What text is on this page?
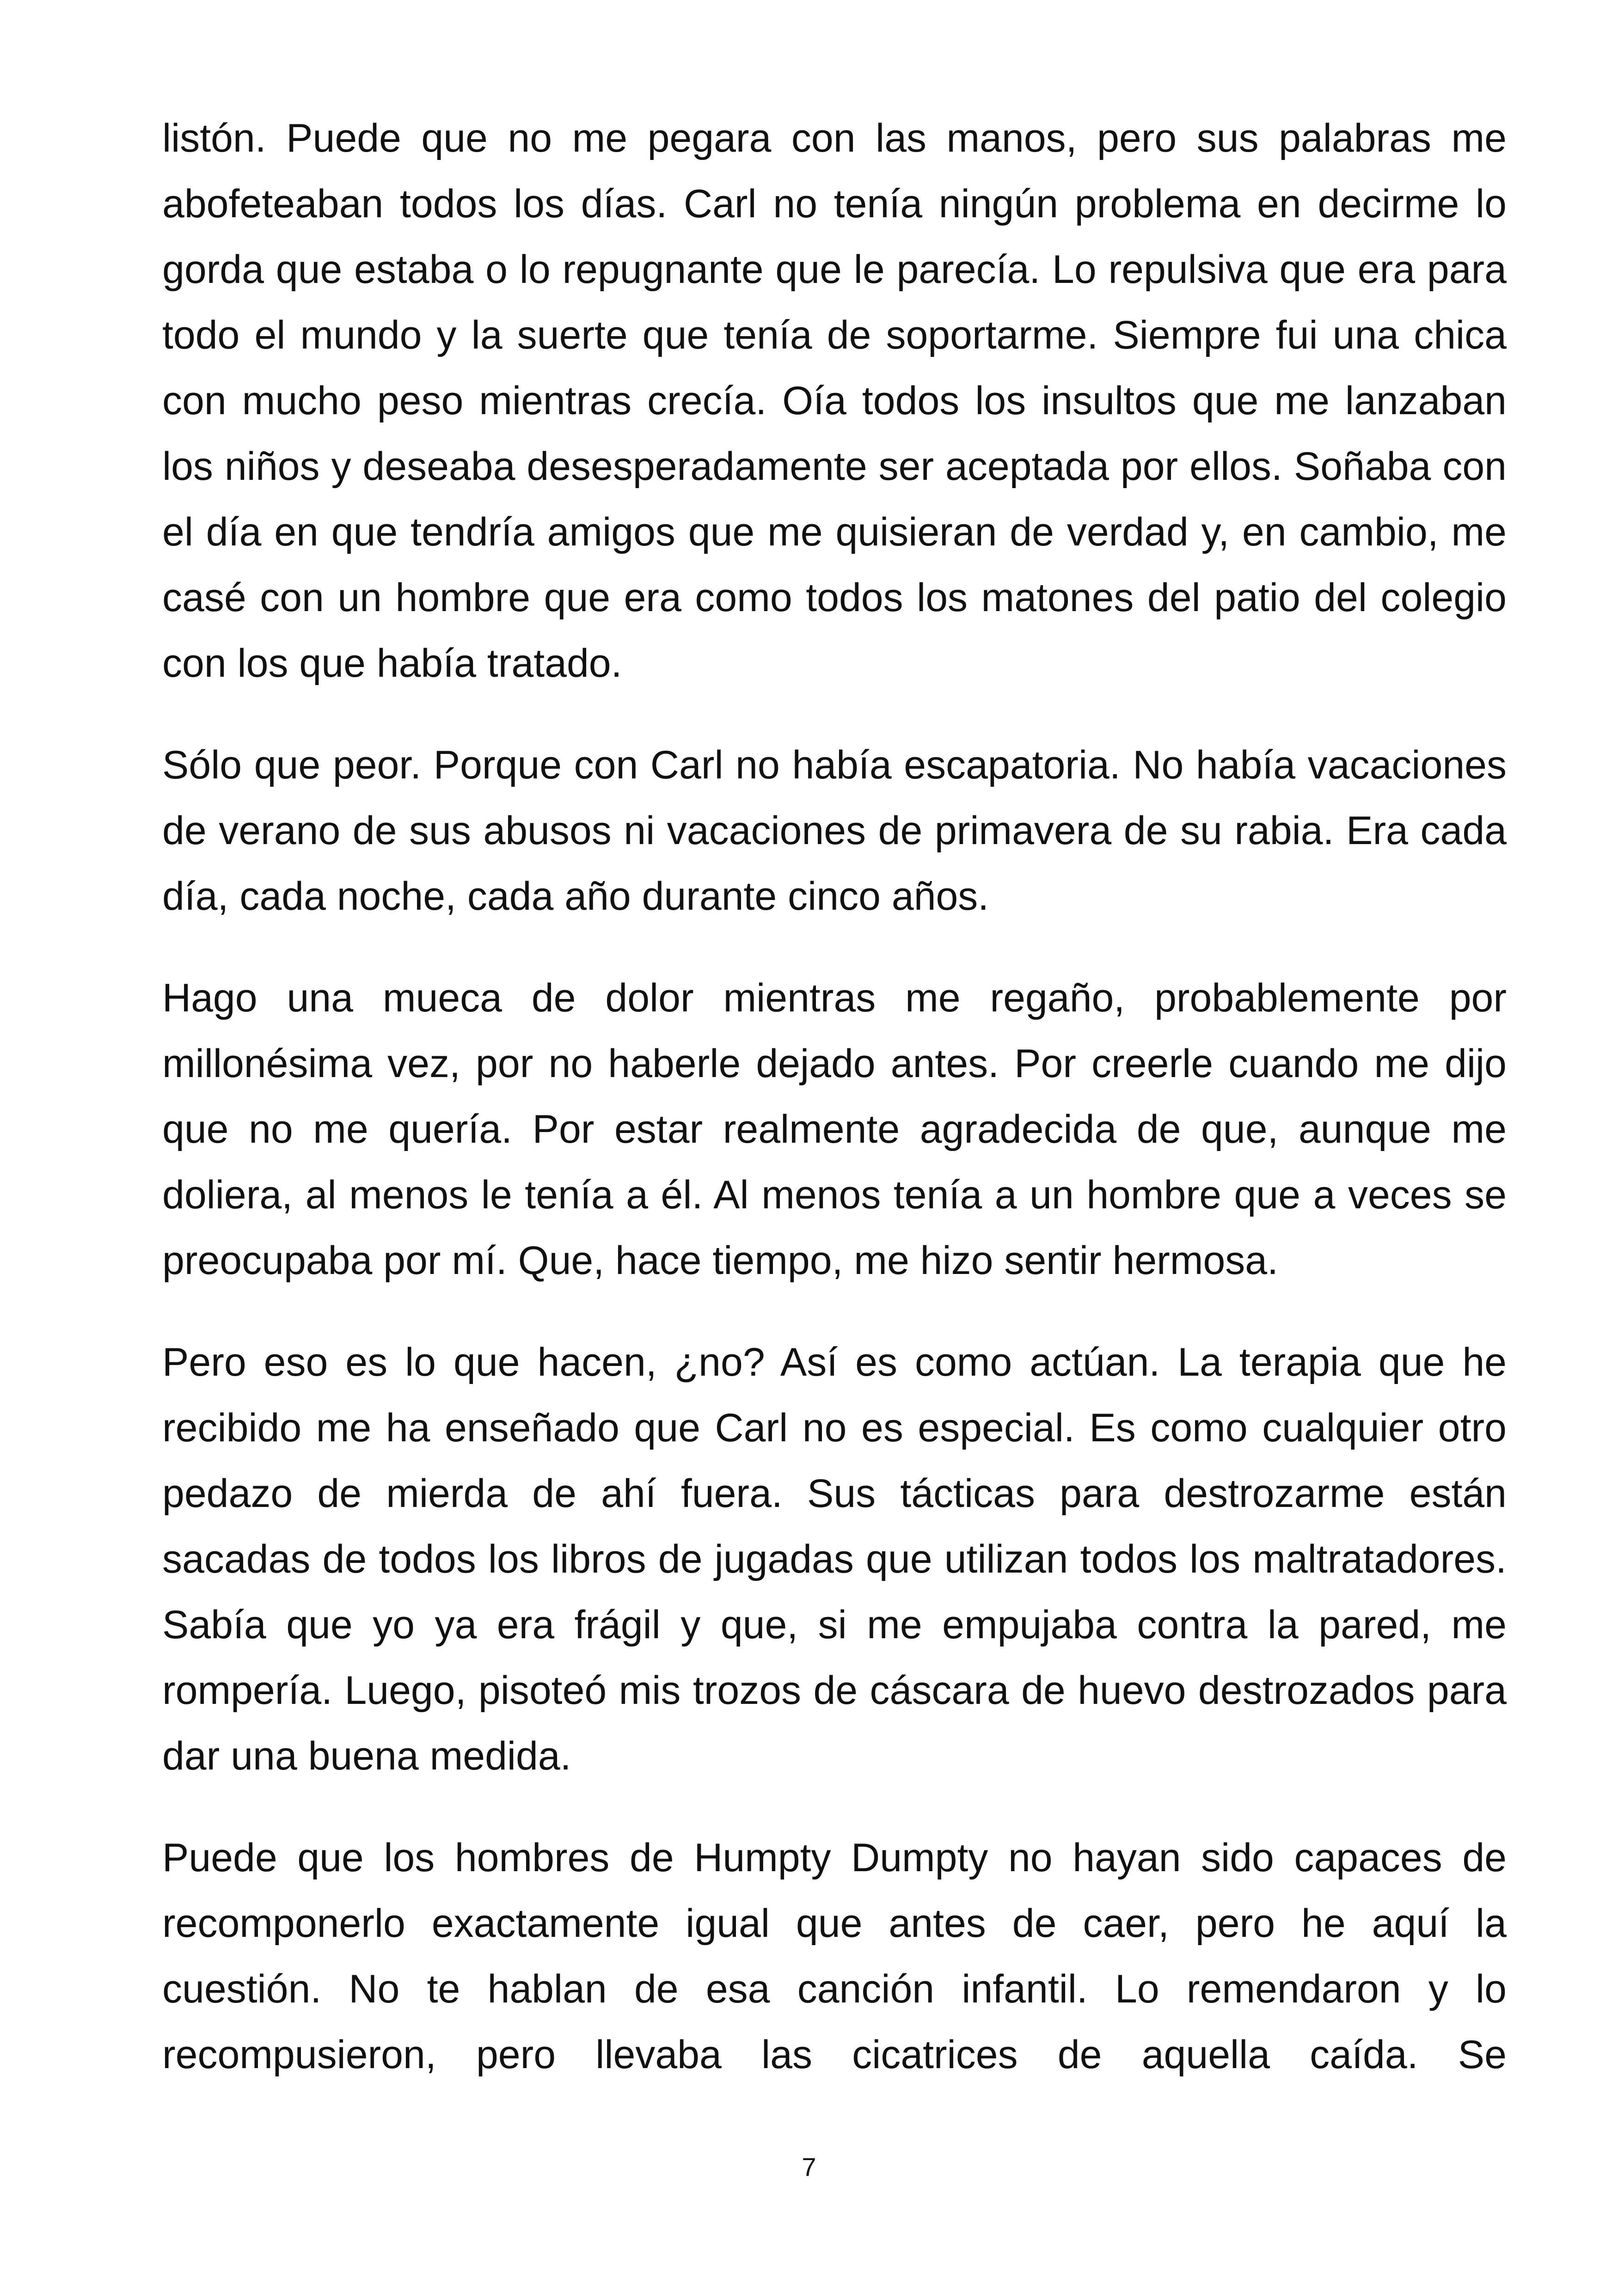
listón. Puede que no me pegara con las manos, pero sus palabras me abofeteaban todos los días. Carl no tenía ningún problema en decirme lo gorda que estaba o lo repugnante que le parecía. Lo repulsiva que era para todo el mundo y la suerte que tenía de soportarme. Siempre fui una chica con mucho peso mientras crecía. Oía todos los insultos que me lanzaban los niños y deseaba desesperadamente ser aceptada por ellos. Soñaba con el día en que tendría amigos que me quisieran de verdad y, en cambio, me casé con un hombre que era como todos los matones del patio del colegio con los que había tratado.

Sólo que peor. Porque con Carl no había escapatoria. No había vacaciones de verano de sus abusos ni vacaciones de primavera de su rabia. Era cada día, cada noche, cada año durante cinco años.

Hago una mueca de dolor mientras me regaño, probablemente por millonésima vez, por no haberle dejado antes. Por creerle cuando me dijo que no me quería. Por estar realmente agradecida de que, aunque me doliera, al menos le tenía a él. Al menos tenía a un hombre que a veces se preocupaba por mí. Que, hace tiempo, me hizo sentir hermosa.

Pero eso es lo que hacen, ¿no? Así es como actúan. La terapia que he recibido me ha enseñado que Carl no es especial. Es como cualquier otro pedazo de mierda de ahí fuera. Sus tácticas para destrozarme están sacadas de todos los libros de jugadas que utilizan todos los maltratadores. Sabía que yo ya era frágil y que, si me empujaba contra la pared, me rompería. Luego, pisoteó mis trozos de cáscara de huevo destrozados para dar una buena medida.

Puede que los hombres de Humpty Dumpty no hayan sido capaces de recomponerlo exactamente igual que antes de caer, pero he aquí la cuestión. No te hablan de esa canción infantil. Lo remendaron y lo recompusieron, pero llevaba las cicatrices de aquella caída. Se

7
